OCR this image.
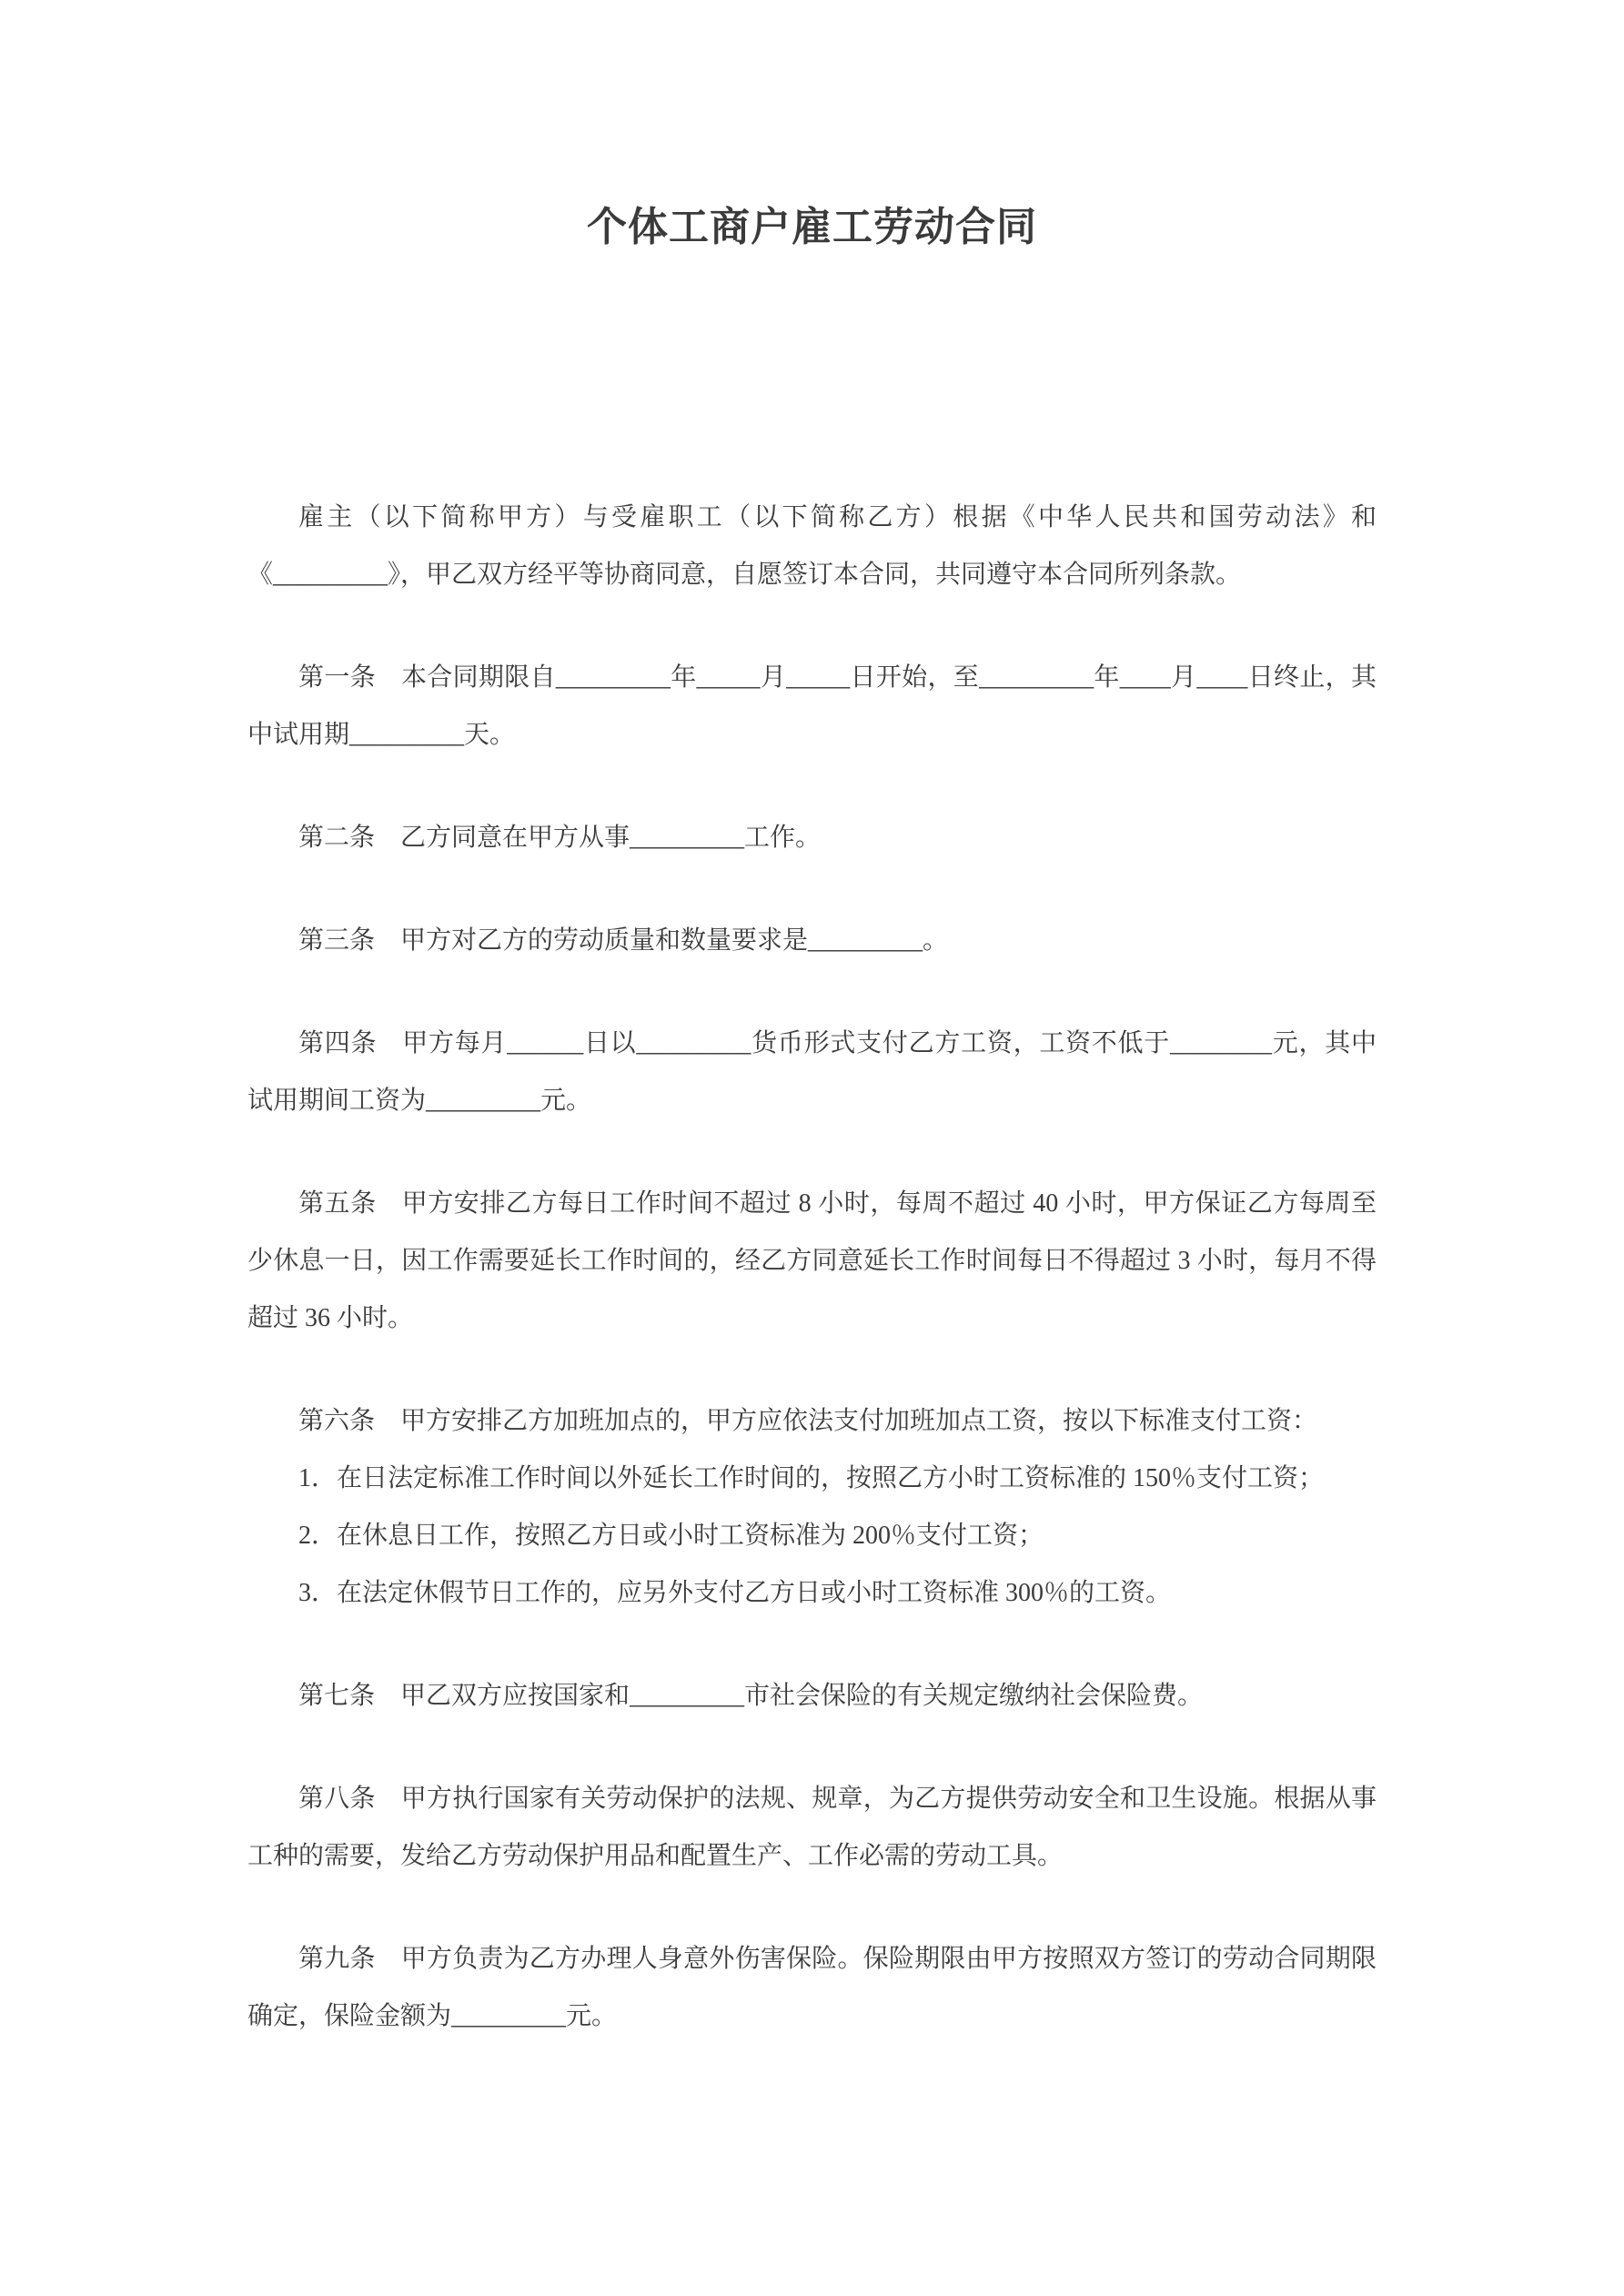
个体工商户雇工劳动合同

雇主（以下简称甲方）与受雇职工（以下简称乙方）根据《中华人民共和国劳动法》和《_________》，甲乙双方经平等协商同意，自愿签订本合同，共同遵守本合同所列条款。

第一条 本合同期限自_________年_____月_____日开始，至_________年____月____日终止，其中试用期_________天。

第二条 乙方同意在甲方从事_________工作。

第三条 甲方对乙方的劳动质量和数量要求是_________。

第四条 甲方每月______日以_________货币形式支付乙方工资，工资不低于________元，其中试用期间工资为_________元。

第五条 甲方安排乙方每日工作时间不超过 8 小时，每周不超过 40 小时，甲方保证乙方每周至少休息一日，因工作需要延长工作时间的，经乙方同意延长工作时间每日不得超过 3 小时，每月不得超过 36 小时。

第六条 甲方安排乙方加班加点的，甲方应依法支付加班加点工资，按以下标准支付工资：

1．在日法定标准工作时间以外延长工作时间的，按照乙方小时工资标准的 150％支付工资；

2．在休息日工作，按照乙方日或小时工资标准为 200％支付工资；

3．在法定休假节日工作的，应另外支付乙方日或小时工资标准 300％的工资。

第七条 甲乙双方应按国家和_________市社会保险的有关规定缴纳社会保险费。

第八条 甲方执行国家有关劳动保护的法规、规章，为乙方提供劳动安全和卫生设施。根据从事工种的需要，发给乙方劳动保护用品和配置生产、工作必需的劳动工具。

第九条 甲方负责为乙方办理人身意外伤害保险。保险期限由甲方按照双方签订的劳动合同期限确定，保险金额为_________元。
